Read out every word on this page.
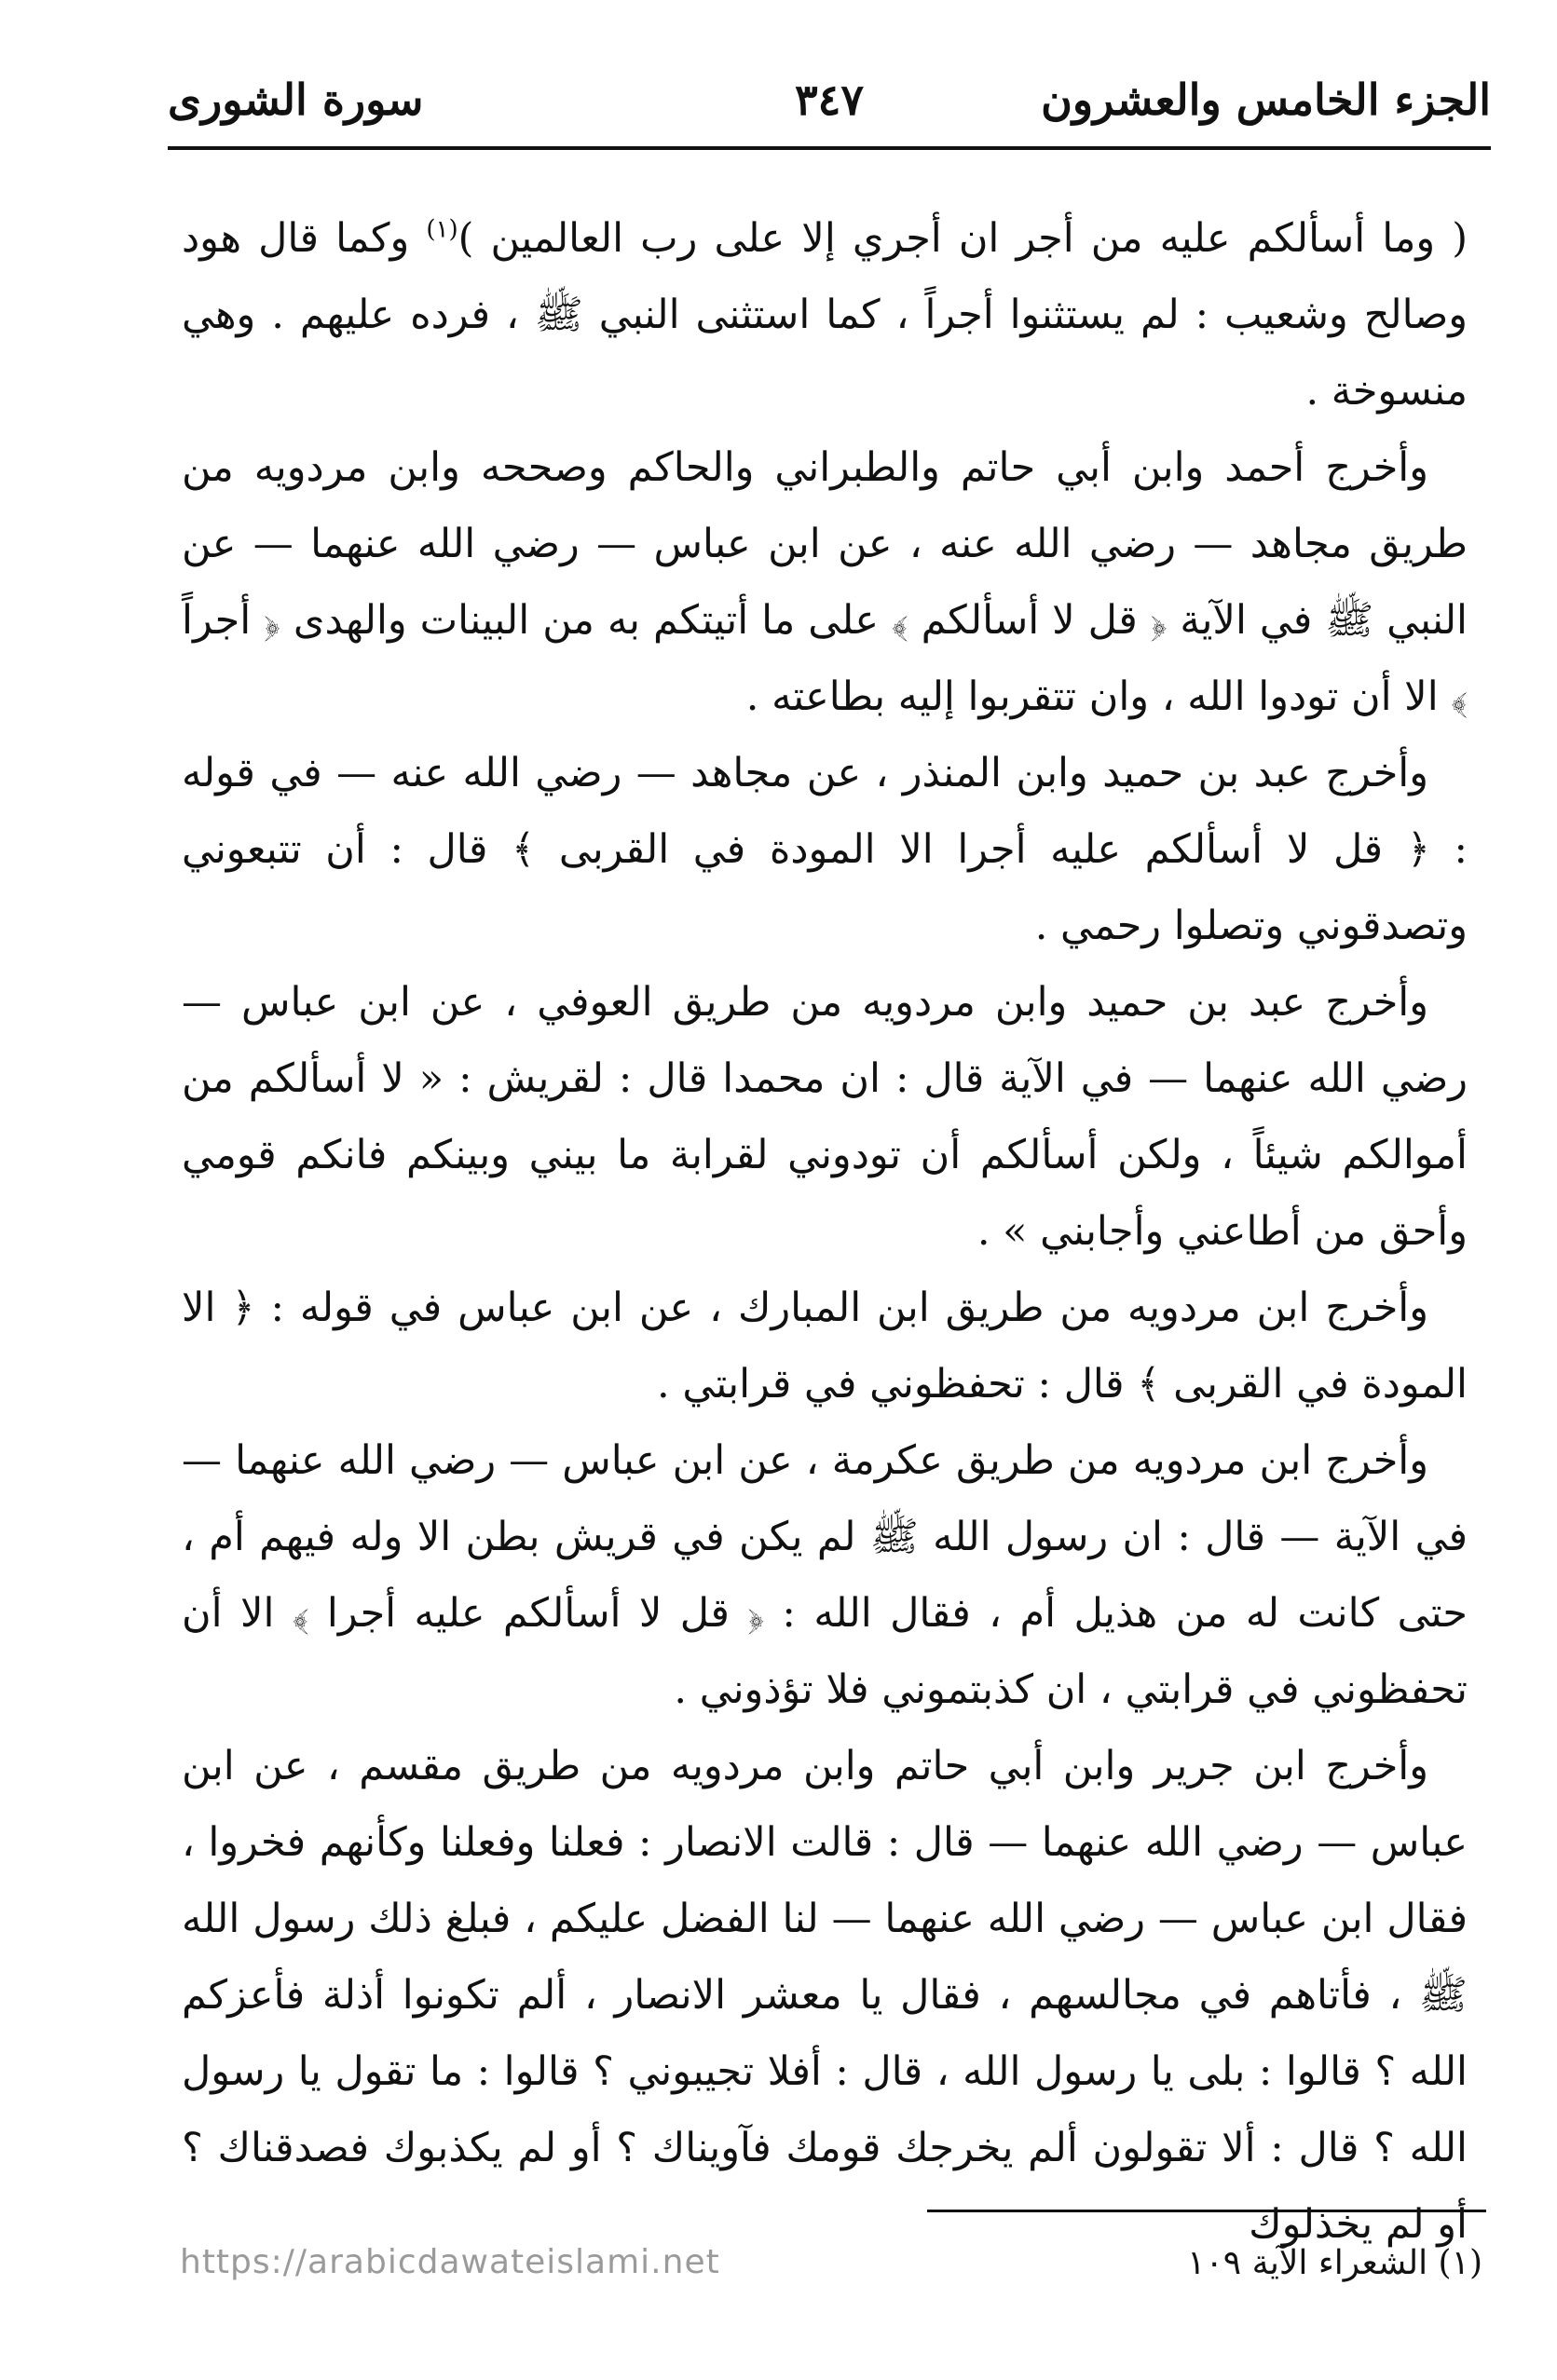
الجزء الخامس والعشرون
٣٤٧
سورة الشورى

( وما أسألكم عليه من أجر ان أجري إلا على رب العالمين )$^{(١)}$ وكما قال هود وصالح وشعيب : لم يستثنوا أجراً ، كما استثنى النبي ﷺ ، فرده عليهم . وهي منسوخة .

وأخرج أحمد وابن أبي حاتم والطبراني والحاكم وصححه وابن مردويه من طريق مجاهد — رضي الله عنه ، عن ابن عباس — رضي الله عنهما — عن النبي ﷺ في الآية ﴿ قل لا أسألكم ﴾ على ما أتيتكم به من البينات والهدى ﴿ أجراً ﴾ الا أن تودوا الله ، وان تتقربوا إليه بطاعته .

وأخرج عبد بن حميد وابن المنذر ، عن مجاهد — رضي الله عنه — في قوله : ﴿ قل لا أسألكم عليه أجرا الا المودة في القربى ﴾ قال : أن تتبعوني وتصدقوني وتصلوا رحمي .

وأخرج عبد بن حميد وابن مردويه من طريق العوفي ، عن ابن عباس — رضي الله عنهما — في الآية قال : ان محمدا قال : لقريش : « لا أسألكم من أموالكم شيئاً ، ولكن أسألكم أن تودوني لقرابة ما بيني وبينكم فانكم قومي وأحق من أطاعني وأجابني » .

وأخرج ابن مردويه من طريق ابن المبارك ، عن ابن عباس في قوله : ﴿ الا المودة في القربى ﴾ قال : تحفظوني في قرابتي .

وأخرج ابن مردويه من طريق عكرمة ، عن ابن عباس — رضي الله عنهما — في الآية — قال : ان رسول الله ﷺ لم يكن في قريش بطن الا وله فيهم أم ، حتى كانت له من هذيل أم ، فقال الله : ﴿ قل لا أسألكم عليه أجرا ﴾ الا أن تحفظوني في قرابتي ، ان كذبتموني فلا تؤذوني .

وأخرج ابن جرير وابن أبي حاتم وابن مردويه من طريق مقسم ، عن ابن عباس — رضي الله عنهما — قال : قالت الانصار : فعلنا وفعلنا وكأنهم فخروا ، فقال ابن عباس — رضي الله عنهما — لنا الفضل عليكم ، فبلغ ذلك رسول الله ﷺ ، فأتاهم في مجالسهم ، فقال يا معشر الانصار ، ألم تكونوا أذلة فأعزكم الله ؟ قالوا : بلى يا رسول الله ، قال : أفلا تجيبوني ؟ قالوا : ما تقول يا رسول الله ؟ قال : ألا تقولون ألم يخرجك قومك فآويناك ؟ أو لم يكذبوك فصدقناك ؟ أو لم يخذلوك

(١) الشعراء الآية ١٠٩
https://arabicdawateislami.net
